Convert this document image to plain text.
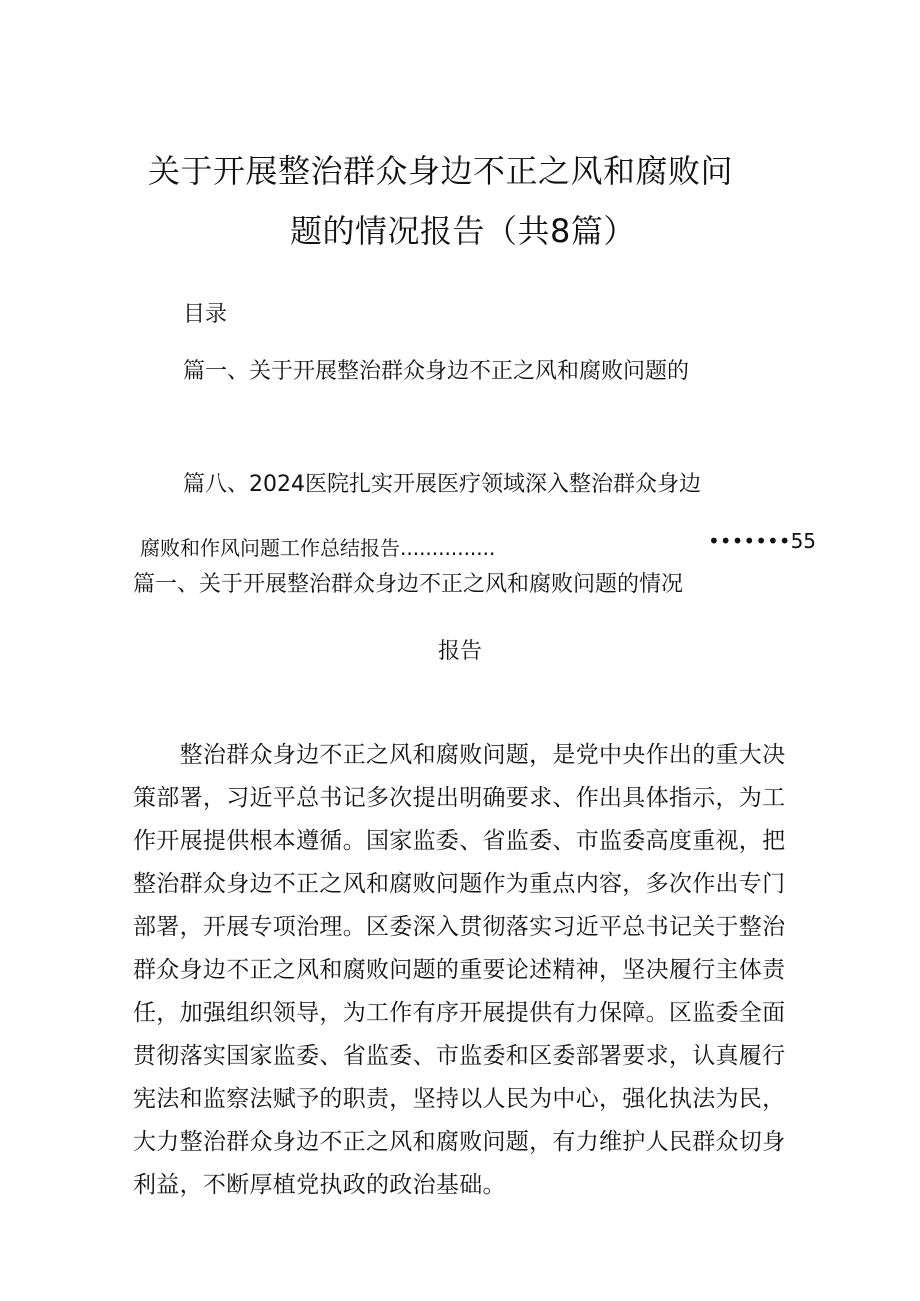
关于开展整治群众身边不正之风和腐败问
题的情况报告（共8篇）
目录
篇一、关于开展整治群众身边不正之风和腐败问题的
篇八、2024医院扎实开展医疗领域深入整治群众身边
腐败和作风问题工作总结报告...............	•••••••55
篇一、关于开展整治群众身边不正之风和腐败问题的情况
报告
　　整治群众身边不正之风和腐败问题，是党中央作出的重大决
策部署，习近平总书记多次提出明确要求、作出具体指示，为工
作开展提供根本遵循。国家监委、省监委、市监委高度重视，把
整治群众身边不正之风和腐败问题作为重点内容，多次作出专门
部署，开展专项治理。区委深入贯彻落实习近平总书记关于整治
群众身边不正之风和腐败问题的重要论述精神，坚决履行主体责
任，加强组织领导，为工作有序开展提供有力保障。区监委全面
贯彻落实国家监委、省监委、市监委和区委部署要求，认真履行
宪法和监察法赋予的职责，坚持以人民为中心，强化执法为民，
大力整治群众身边不正之风和腐败问题，有力维护人民群众切身
利益，不断厚植党执政的政治基础。
